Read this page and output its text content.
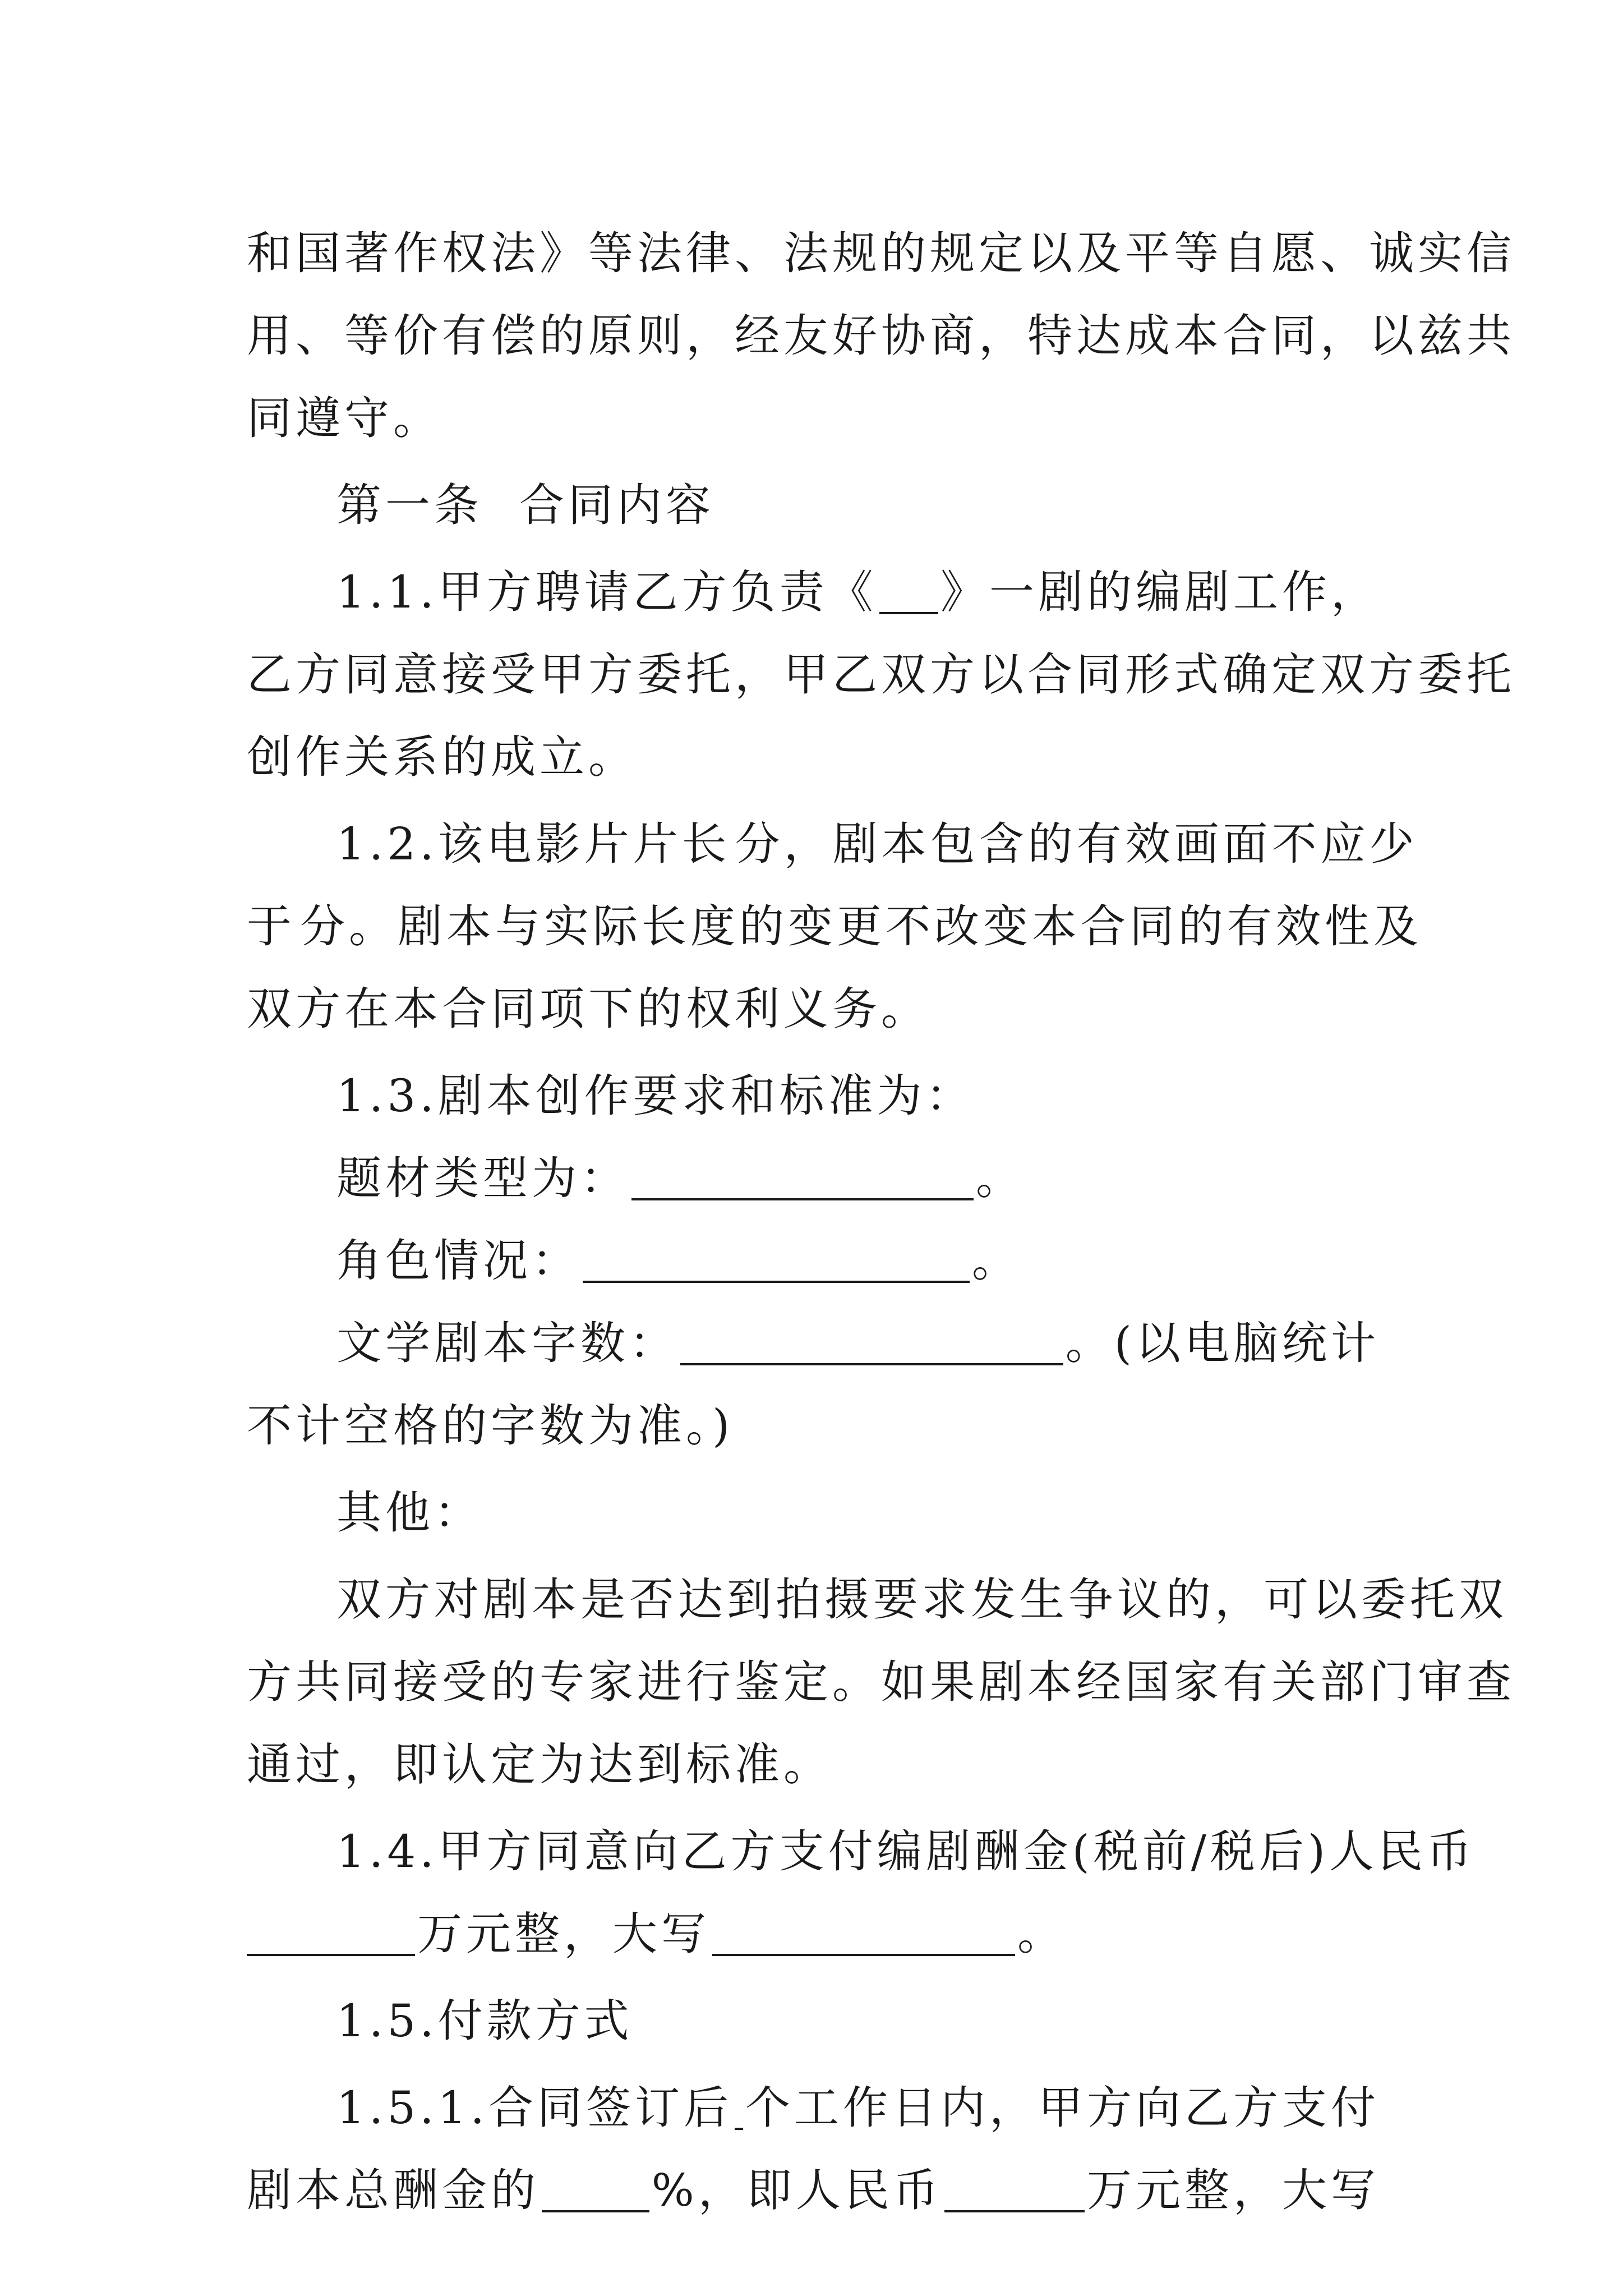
和国著作权法》等法律、法规的规定以及平等自愿、诚实信
用、等价有偿的原则，经友好协商，特达成本合同，以兹共
同遵守。
第一条  合同内容
1.1.甲方聘请乙方负责《 》一剧的编剧工作，
乙方同意接受甲方委托，甲乙双方以合同形式确定双方委托
创作关系的成立。
1.2.该电影片片长 分，剧本包含的有效画面不应少
于 分。剧本与实际长度的变更不改变本合同的有效性及
双方在本合同项下的权利义务。
1.3.剧本创作要求和标准为：
题材类型为：	。
角色情况：	。
文学剧本字数：	。(以电脑统计
不计空格的字数为准。)
其他：
双方对剧本是否达到拍摄要求发生争议的，可以委托双
方共同接受的专家进行鉴定。如果剧本经国家有关部门审查
通过，即认定为达到标准。
1.4.甲方同意向乙方支付编剧酬金(税前/税后)人民币
万元整，大写	。
1.5.付款方式
1.5.1.合同签订后 个工作日内，甲方向乙方支付
剧本总酬金的 %，即人民币	万元整，大写
